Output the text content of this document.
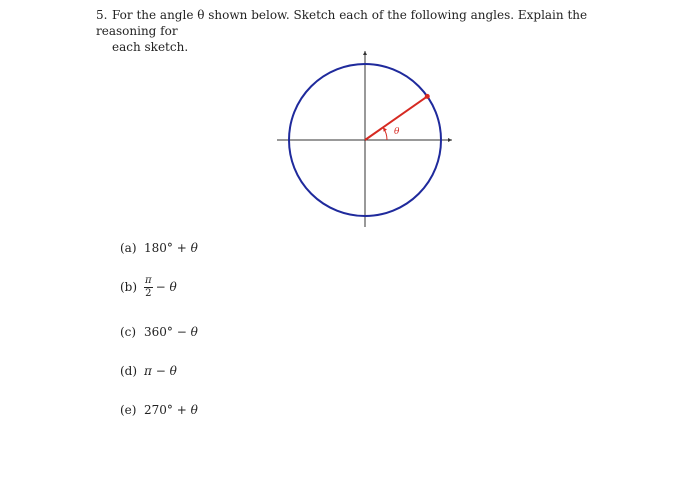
5. For the angle θ shown below. Sketch each of the following angles. Explain the reasoning for
each sketch.
θ
(a) 180° + θ
$(b) \frac{\pi}{2} - \theta$
(c) 360° − θ
(d) π − θ
(e) 270° + θ
